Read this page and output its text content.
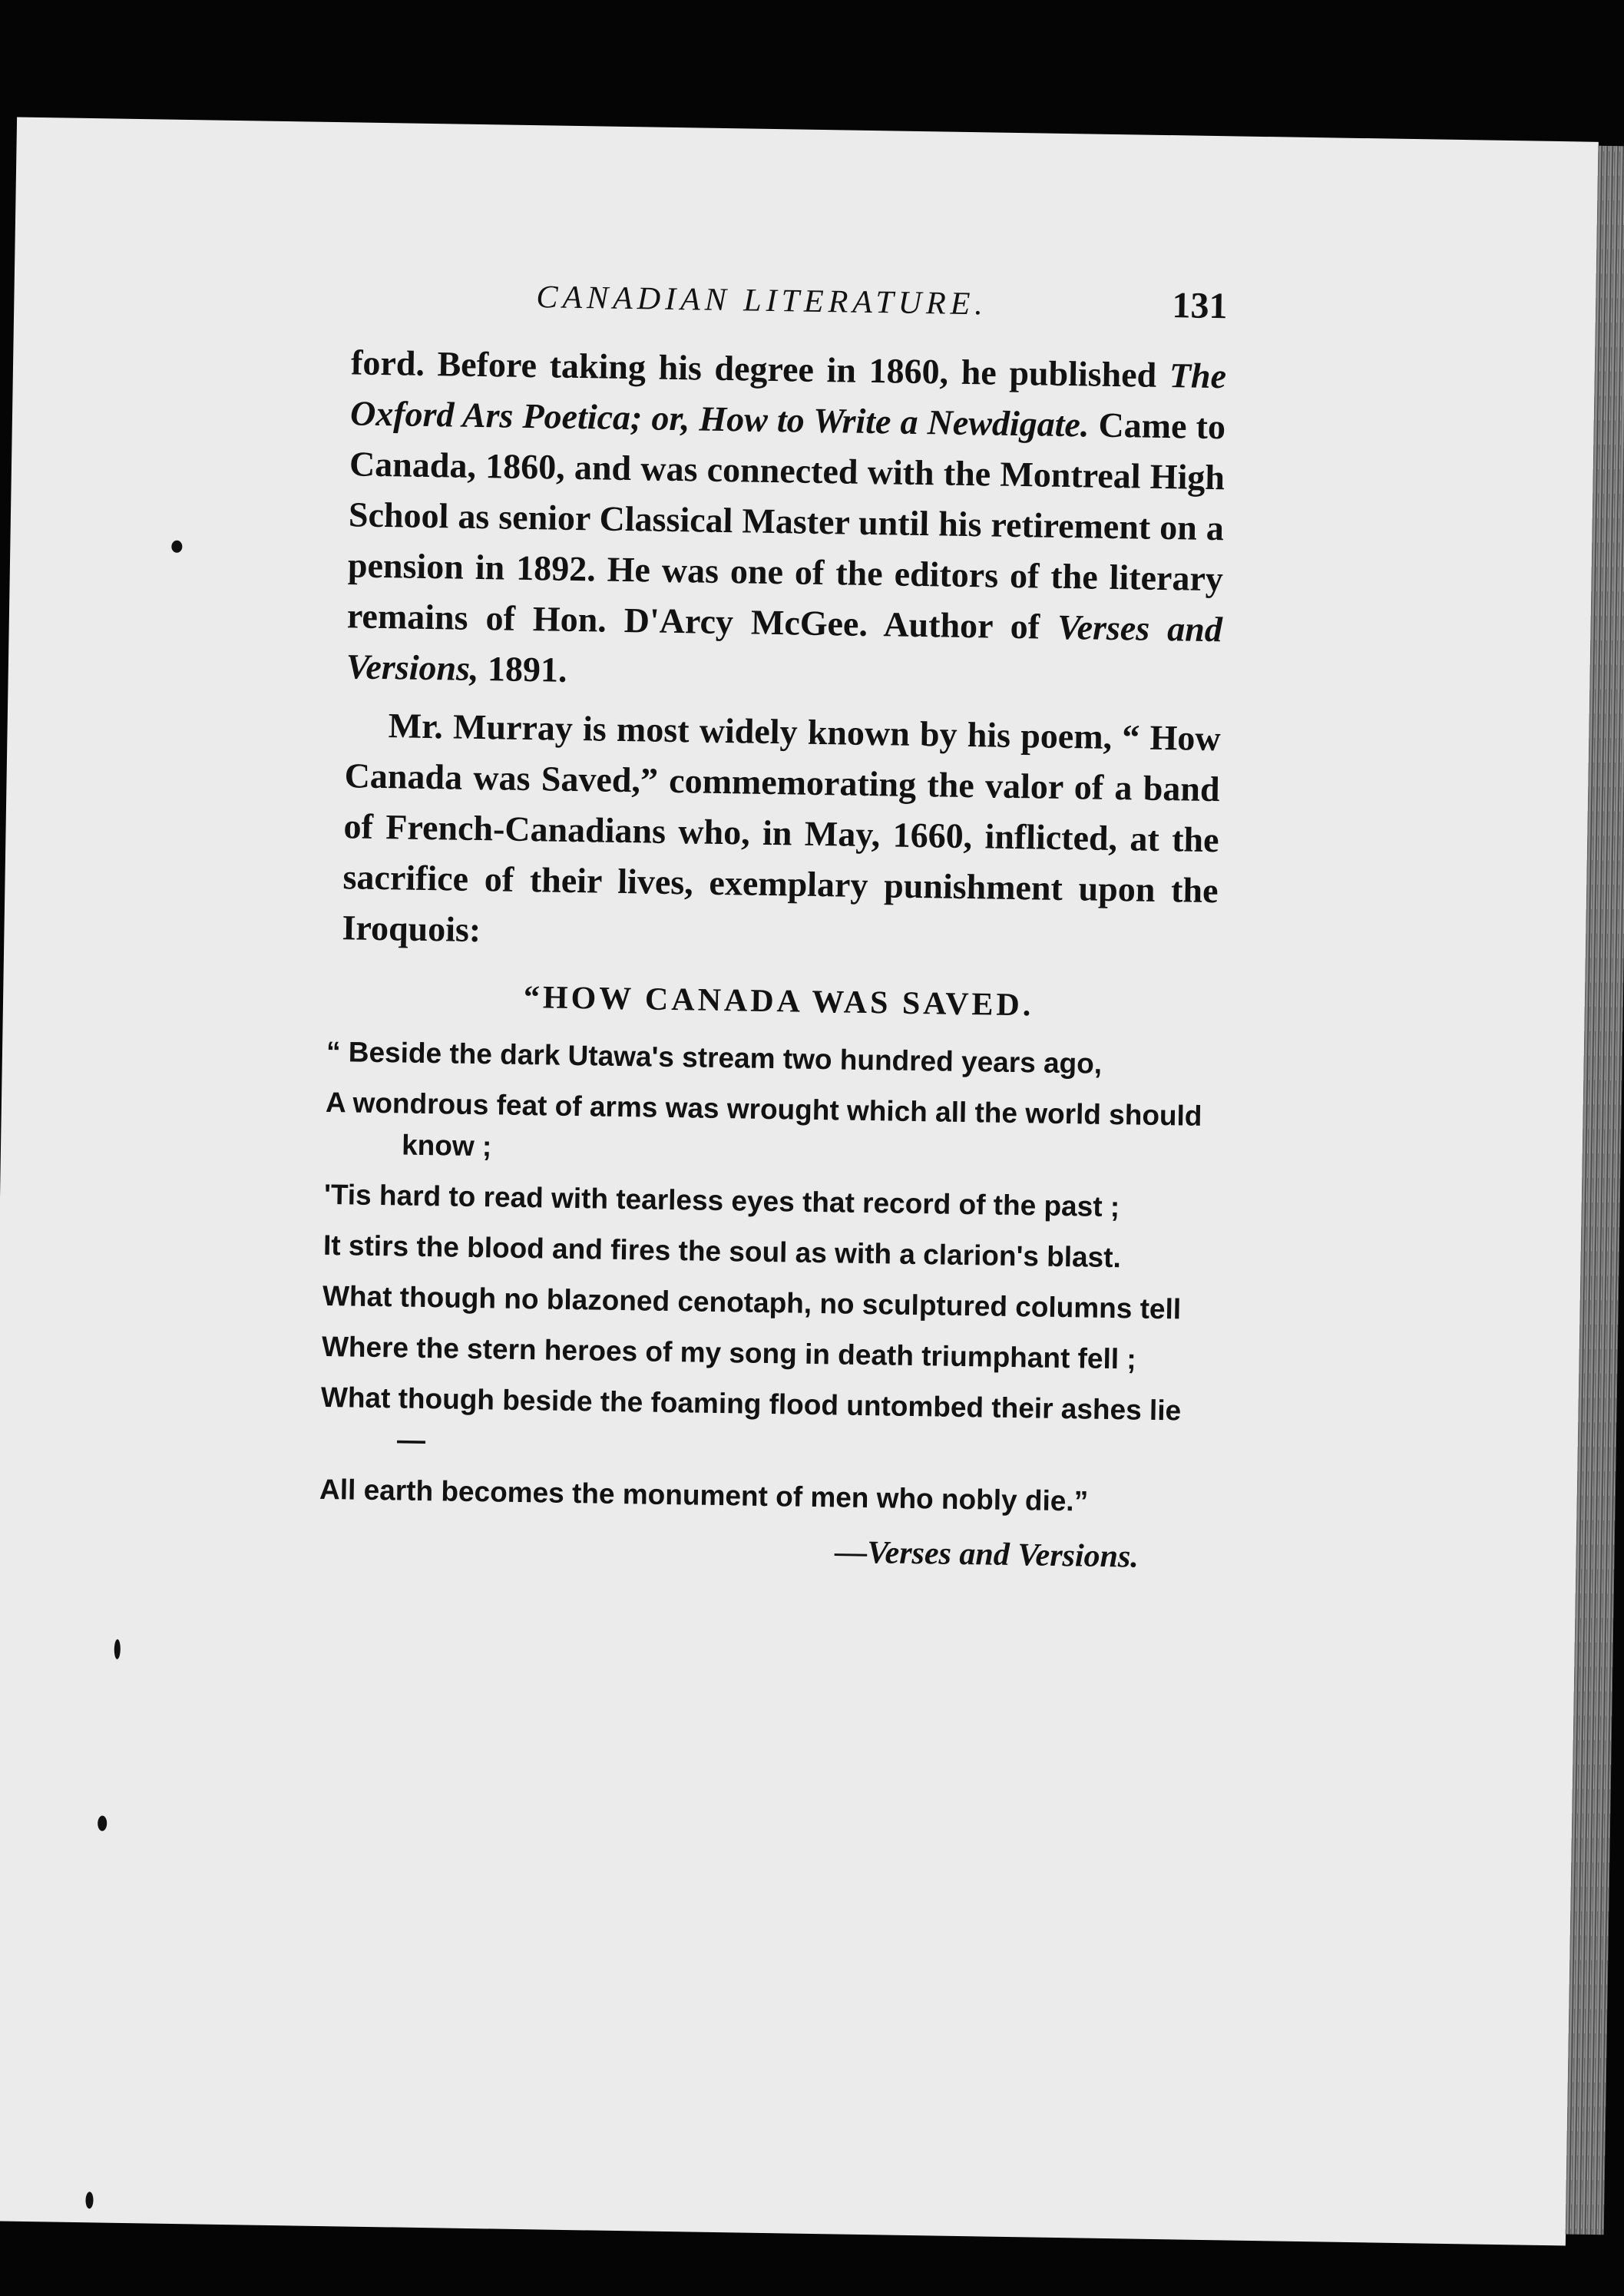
CANADIAN LITERATURE.	131

ford. Before taking his degree in 1860, he published The Oxford Ars Poetica; or, How to Write a Newdigate. Came to Canada, 1860, and was connected with the Montreal High School as senior Classical Master until his retirement on a pension in 1892. He was one of the editors of the literary remains of Hon. D'Arcy McGee. Author of Verses and Versions, 1891.

Mr. Murray is most widely known by his poem, “ How Canada was Saved,” commemorating the valor of a band of French-Canadians who, in May, 1660, inflicted, at the sacrifice of their lives, exemplary punishment upon the Iroquois:

“HOW CANADA WAS SAVED.
“ Beside the dark Utawa's stream two hundred years ago,
A wondrous feat of arms was wrought which all the world should know ;
'Tis hard to read with tearless eyes that record of the past ;
It stirs the blood and fires the soul as with a clarion's blast.
What though no blazoned cenotaph, no sculptured columns tell
Where the stern heroes of my song in death triumphant fell ;
What though beside the foaming flood untombed their ashes lie —
All earth becomes the monument of men who nobly die.”
—Verses and Versions.
